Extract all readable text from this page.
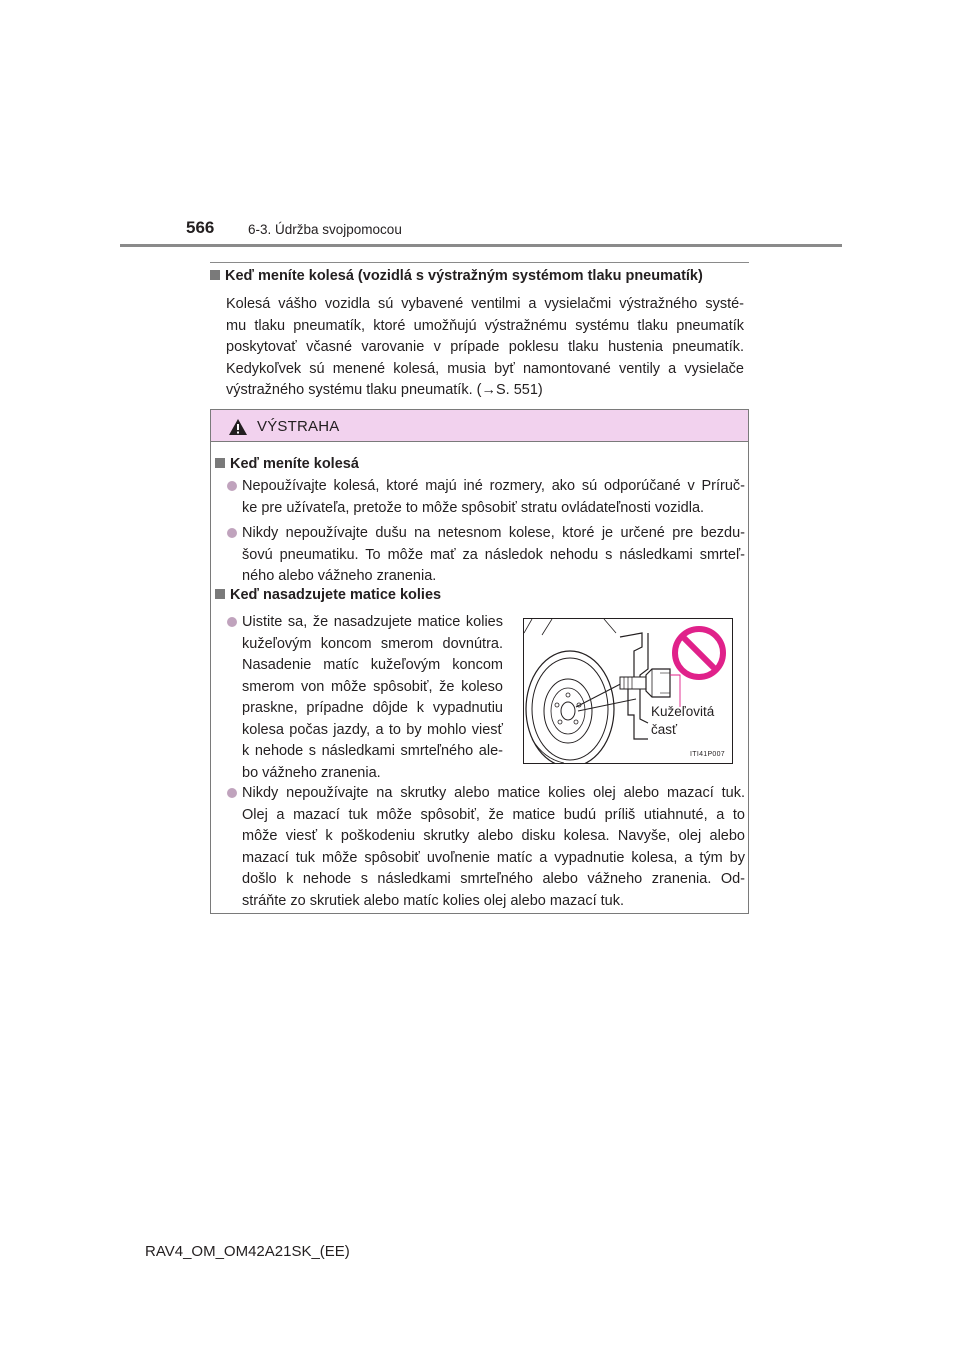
566 6-3. Údržba svojpomocou
Keď meníte kolesá (vozidlá s výstražným systémom tlaku pneumatík)
Kolesá vášho vozidla sú vybavené ventilmi a vysielačmi výstražného systé-
mu tlaku pneumatík, ktoré umožňujú výstražnému systému tlaku pneumatík
poskytovať včasné varovanie v prípade poklesu tlaku hustenia pneumatík.
Kedykoľvek sú menené kolesá, musia byť namontované ventily a vysielače
výstražného systému tlaku pneumatík. (→S. 551)
VÝSTRAHA
Keď meníte kolesá
Nepoužívajte kolesá, ktoré majú iné rozmery, ako sú odporúčané v Príruč-
ke pre užívateľa, pretože to môže spôsobiť stratu ovládateľnosti vozidla.
Nikdy nepoužívajte dušu na netesnom kolese, ktoré je určené pre bezdu-
šovú pneumatiku. To môže mať za následok nehodu s následkami smrteľ-
ného alebo vážneho zranenia.
Keď nasadzujete matice kolies
Uistite sa, že nasadzujete matice kolies
kužeľovým koncom smerom dovnútra.
Nasadenie matíc kužeľovým koncom
smerom von môže spôsobiť, že koleso
praskne, prípadne dôjde k vypadnutiu
kolesa počas jazdy, a to by mohlo viesť
k nehode s následkami smrteľného ale-
bo vážneho zranenia.
Kužeľovitá
časť
ITI41P007
Nikdy nepoužívajte na skrutky alebo matice kolies olej alebo mazací tuk.
Olej a mazací tuk môže spôsobiť, že matice budú príliš utiahnuté, a to
môže viesť k poškodeniu skrutky alebo disku kolesa. Navyše, olej alebo
mazací tuk môže spôsobiť uvoľnenie matíc a vypadnutie kolesa, a tým by
došlo k nehode s následkami smrteľného alebo vážneho zranenia. Od-
stráňte zo skrutiek alebo matíc kolies olej alebo mazací tuk.
RAV4_OM_OM42A21SK_(EE)
